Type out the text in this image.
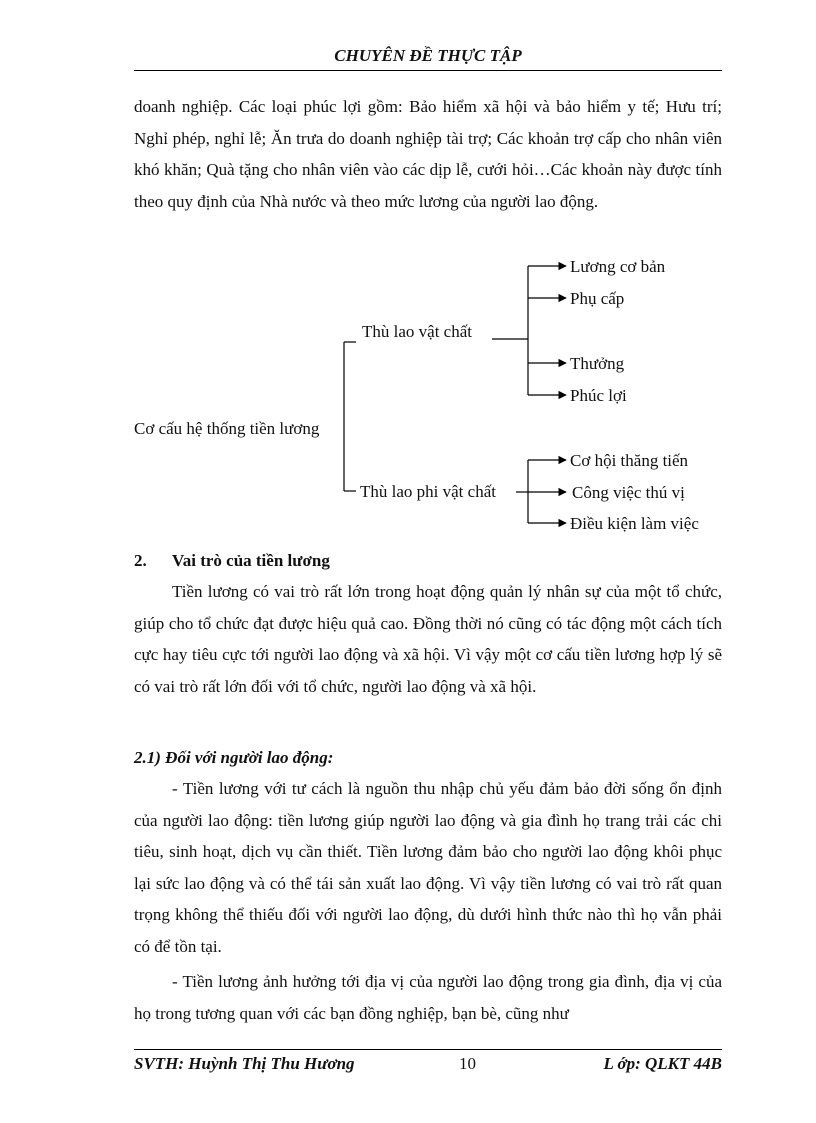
CHUYÊN ĐỀ THỰC TẬP

doanh nghiệp. Các loại phúc lợi gồm: Bảo hiểm xã hội và bảo hiểm y tế; Hưu trí; Nghỉ phép, nghỉ lễ; Ăn trưa do doanh nghiệp tài trợ; Các khoản trợ cấp cho nhân viên khó khăn; Quà tặng cho nhân viên vào các dịp lễ, cưới hỏi…Các khoản này được tính theo quy định của Nhà nước và theo mức lương của người lao động.

Cơ cấu hệ thống tiền lương
Thù lao vật chất
Thù lao phi vật chất
Lương cơ bản
Phụ cấp
Thưởng
Phúc lợi
Cơ hội thăng tiến
Công việc thú vị
Điều kiện làm việc
2. Vai trò của tiền lương

Tiền lương có vai trò rất lớn trong hoạt động quản lý nhân sự của một tổ chức, giúp cho tổ chức đạt được hiệu quả cao. Đồng thời nó cũng có tác động một cách tích cực hay tiêu cực tới người lao động và xã hội. Vì vậy một cơ cấu tiền lương hợp lý sẽ có vai trò rất lớn đối với tổ chức, người lao động và xã hội.

2.1) Đối với người lao động:

- Tiền lương với tư cách là nguồn thu nhập chủ yếu đảm bảo đời sống ổn định của người lao động: tiền lương giúp người lao động và gia đình họ trang trải các chi tiêu, sinh hoạt, dịch vụ cần thiết. Tiền lương đảm bảo cho người lao động khôi phục lại sức lao động và có thể tái sản xuất lao động. Vì vậy tiền lương có vai trò rất quan trọng không thể thiếu đối với người lao động, dù dưới hình thức nào thì họ vẫn phải có để tồn tại.

- Tiền lương ảnh hưởng tới địa vị của người lao động trong gia đình, địa vị của họ trong tương quan với các bạn đồng nghiệp, bạn bè, cũng như

SVTH: Huỳnh Thị Thu Hương	10	L ớp: QLKT 44B
